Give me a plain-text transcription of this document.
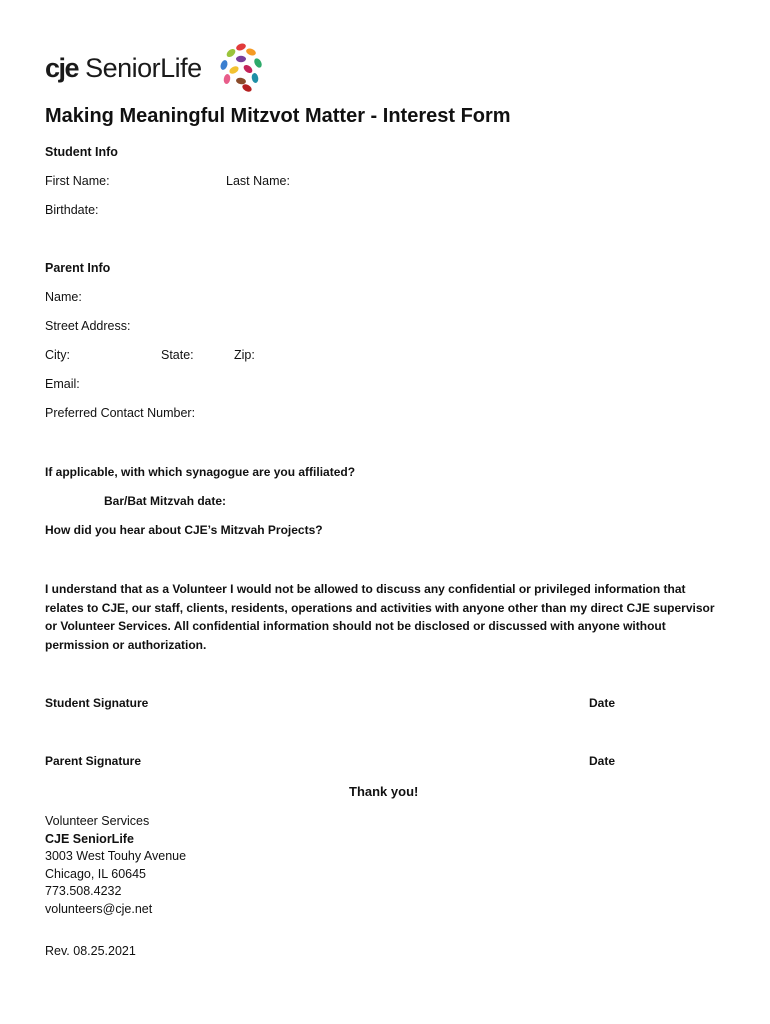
cje SeniorLife
Making Meaningful Mitzvot Matter - Interest Form
Student Info
First Name:	Last Name:
Birthdate:
Parent Info
Name:
Street Address:
City:	State:	Zip:
Email:
Preferred Contact Number:
If applicable, with which synagogue are you affiliated?
Bar/Bat Mitzvah date:
How did you hear about CJE’s Mitzvah Projects?
I understand that as a Volunteer I would not be allowed to discuss any confidential or privileged information that relates to CJE, our staff, clients, residents, operations and activities with anyone other than my direct CJE supervisor or Volunteer Services. All confidential information should not be disclosed or discussed with anyone without permission or authorization.
Student Signature	Date
Parent Signature	Date
Thank you!
Volunteer Services
CJE SeniorLife
3003 West Touhy Avenue
Chicago, IL 60645
773.508.4232
volunteers@cje.net
Rev. 08.25.2021
